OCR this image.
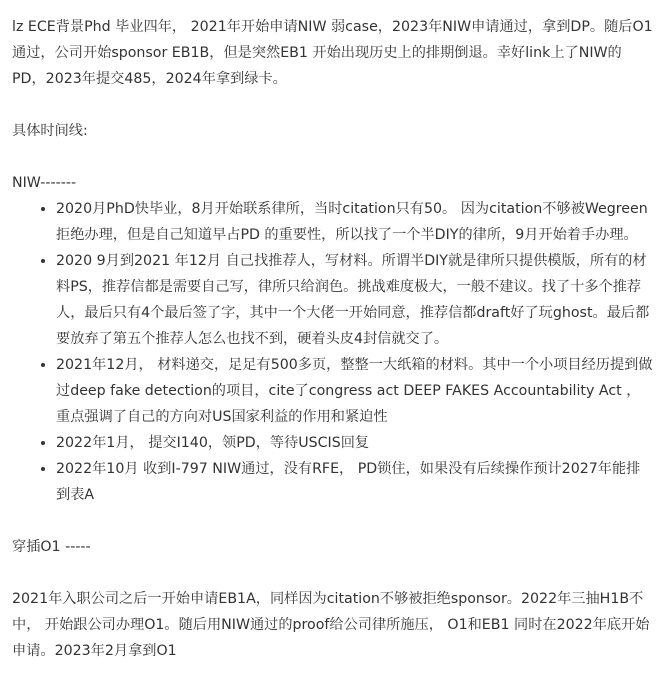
lz ECE背景Phd 毕业四年， 2021年开始申请NIW 弱case，2023年NIW申请通过，拿到DP。随后O1通过，公司开始sponsor EB1B，但是突然EB1 开始出现历史上的排期倒退。幸好link上了NIW的PD，2023年提交485，2024年拿到绿卡。

具体时间线:

NIW-------

• 2020月PhD快毕业，8月开始联系律所，当时citation只有50。 因为citation不够被Wegreen拒绝办理，但是自己知道早占PD 的重要性，所以找了一个半DIY的律所，9月开始着手办理。
• 2020 9月到2021 年12月 自己找推荐人，写材料。所谓半DIY就是律所只提供模版，所有的材料PS，推荐信都是需要自己写，律所只给润色。挑战难度极大，一般不建议。找了十多个推荐人，最后只有4个最后签了字，其中一个大佬一开始同意，推荐信都draft好了玩ghost。最后都要放弃了第五个推荐人怎么也找不到，硬着头皮4封信就交了。
• 2021年12月， 材料递交，足足有500多页，整整一大纸箱的材料。其中一个小项目经历提到做过deep fake detection的项目，cite了congress act DEEP FAKES Accountability Act ，重点强调了自己的方向对US国家利益的作用和紧迫性
• 2022年1月， 提交I140，领PD，等待USCIS回复
• 2022年10月 收到I-797 NIW通过，没有RFE， PD锁住，如果没有后续操作预计2027年能排到表A

穿插O1 -----

2021年入职公司之后一开始申请EB1A，同样因为citation不够被拒绝sponsor。2022年三抽H1B不中， 开始跟公司办理O1。随后用NIW通过的proof给公司律所施压， O1和EB1 同时在2022年底开始申请。2023年2月拿到O1
